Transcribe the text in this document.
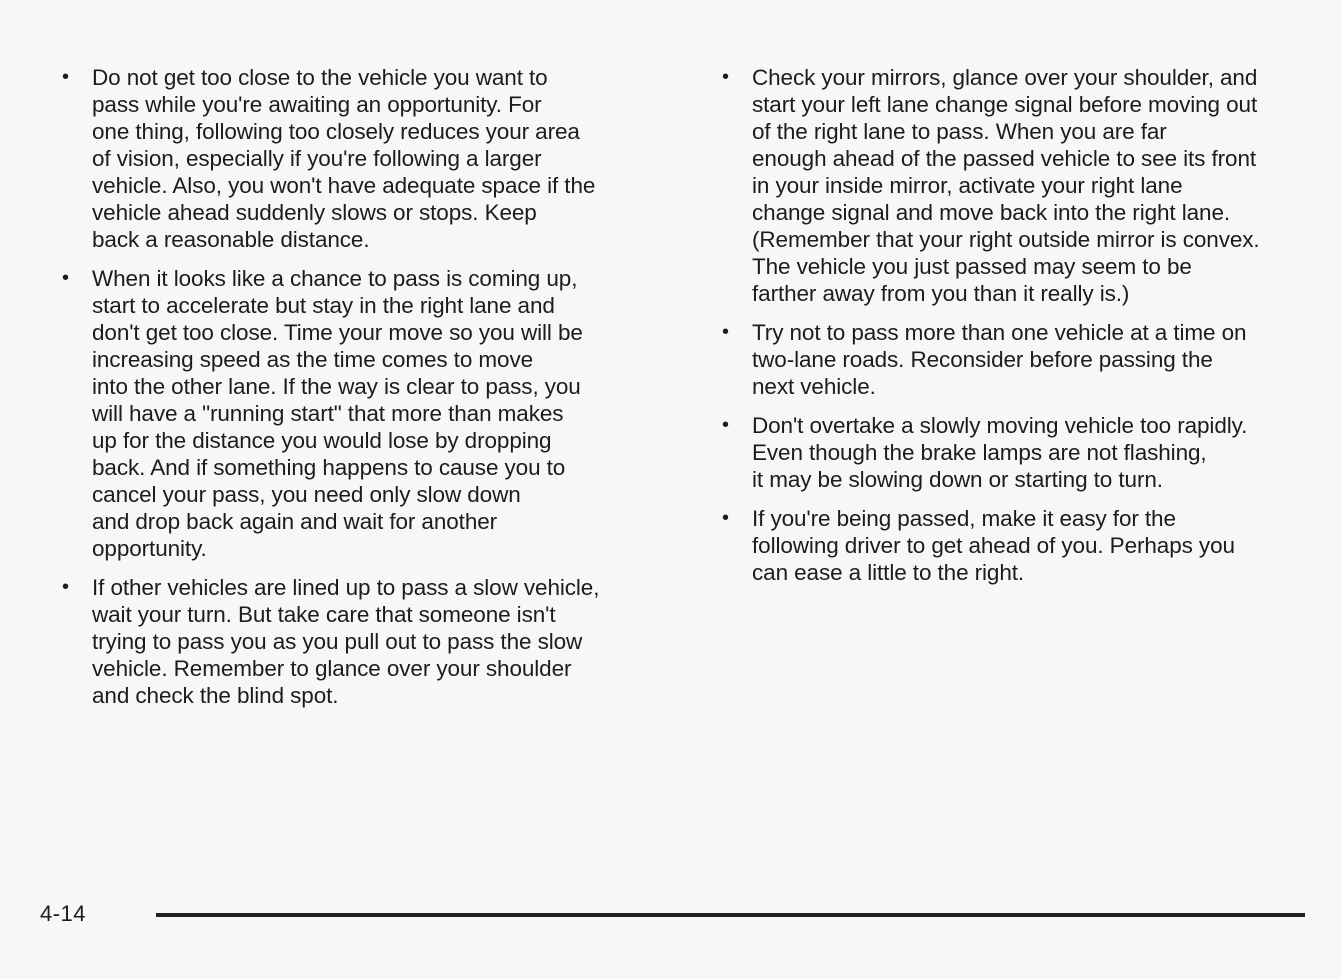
• Do not get too close to the vehicle you want to
pass while you're awaiting an opportunity. For
one thing, following too closely reduces your area
of vision, especially if you're following a larger
vehicle. Also, you won't have adequate space if the
vehicle ahead suddenly slows or stops. Keep
back a reasonable distance.
• When it looks like a chance to pass is coming up,
start to accelerate but stay in the right lane and
don't get too close. Time your move so you will be
increasing speed as the time comes to move
into the other lane. If the way is clear to pass, you
will have a "running start" that more than makes
up for the distance you would lose by dropping
back. And if something happens to cause you to
cancel your pass, you need only slow down
and drop back again and wait for another
opportunity.
• If other vehicles are lined up to pass a slow vehicle,
wait your turn. But take care that someone isn't
trying to pass you as you pull out to pass the slow
vehicle. Remember to glance over your shoulder
and check the blind spot.
• Check your mirrors, glance over your shoulder, and
start your left lane change signal before moving out
of the right lane to pass. When you are far
enough ahead of the passed vehicle to see its front
in your inside mirror, activate your right lane
change signal and move back into the right lane.
(Remember that your right outside mirror is convex.
The vehicle you just passed may seem to be
farther away from you than it really is.)
• Try not to pass more than one vehicle at a time on
two-lane roads. Reconsider before passing the
next vehicle.
• Don't overtake a slowly moving vehicle too rapidly.
Even though the brake lamps are not flashing,
it may be slowing down or starting to turn.
• If you're being passed, make it easy for the
following driver to get ahead of you. Perhaps you
can ease a little to the right.
4-14
